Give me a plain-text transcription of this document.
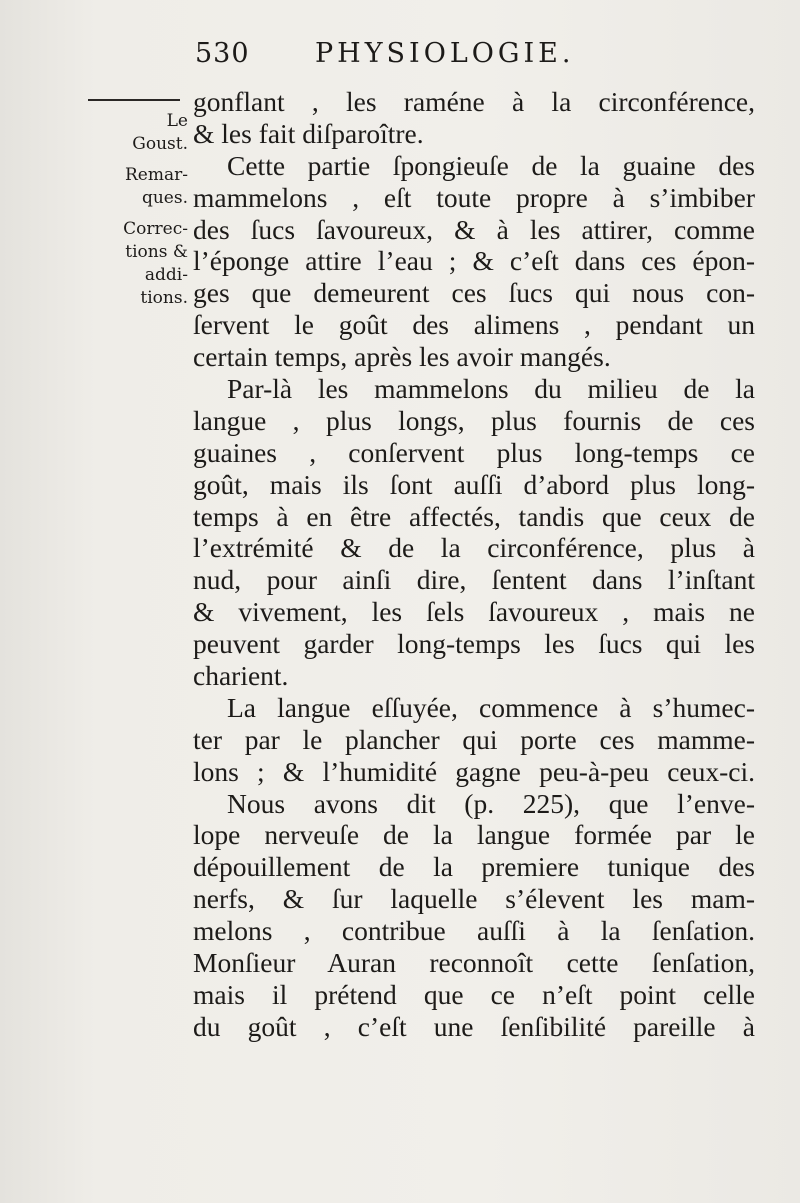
530 PHYSIOLOGIE.
Le
Goust.
Remar-
ques.
Correc-
tions &
addi-
tions.
gonflant , les raméne à la circonférence,
& les fait diſparoître.
Cette partie ſpongieuſe de la guaine des
mammelons , eſt toute propre à s’imbiber
des ſucs ſavoureux, & à les attirer, comme
l’éponge attire l’eau ; & c’eſt dans ces épon-
ges que demeurent ces ſucs qui nous con-
ſervent le goût des alimens , pendant un
certain temps, après les avoir mangés.
Par-là les mammelons du milieu de la
langue , plus longs, plus fournis de ces
guaines , conſervent plus long-temps ce
goût, mais ils ſont auſſi d’abord plus long-
temps à en être affectés, tandis que ceux de
l’extrémité & de la circonférence, plus à
nud, pour ainſi dire, ſentent dans l’inſtant
& vivement, les ſels ſavoureux , mais ne
peuvent garder long-temps les ſucs qui les
charient.
La langue eſſuyée, commence à s’humec-
ter par le plancher qui porte ces mamme-
lons ; & l’humidité gagne peu-à-peu ceux-ci.
Nous avons dit (p. 225), que l’enve-
lope nerveuſe de la langue formée par le
dépouillement de la premiere tunique des
nerfs, & ſur laquelle s’élevent les mam-
melons , contribue auſſi à la ſenſation.
Monſieur Auran reconnoît cette ſenſation,
mais il prétend que ce n’eſt point celle
du goût , c’eſt une ſenſibilité pareille à
